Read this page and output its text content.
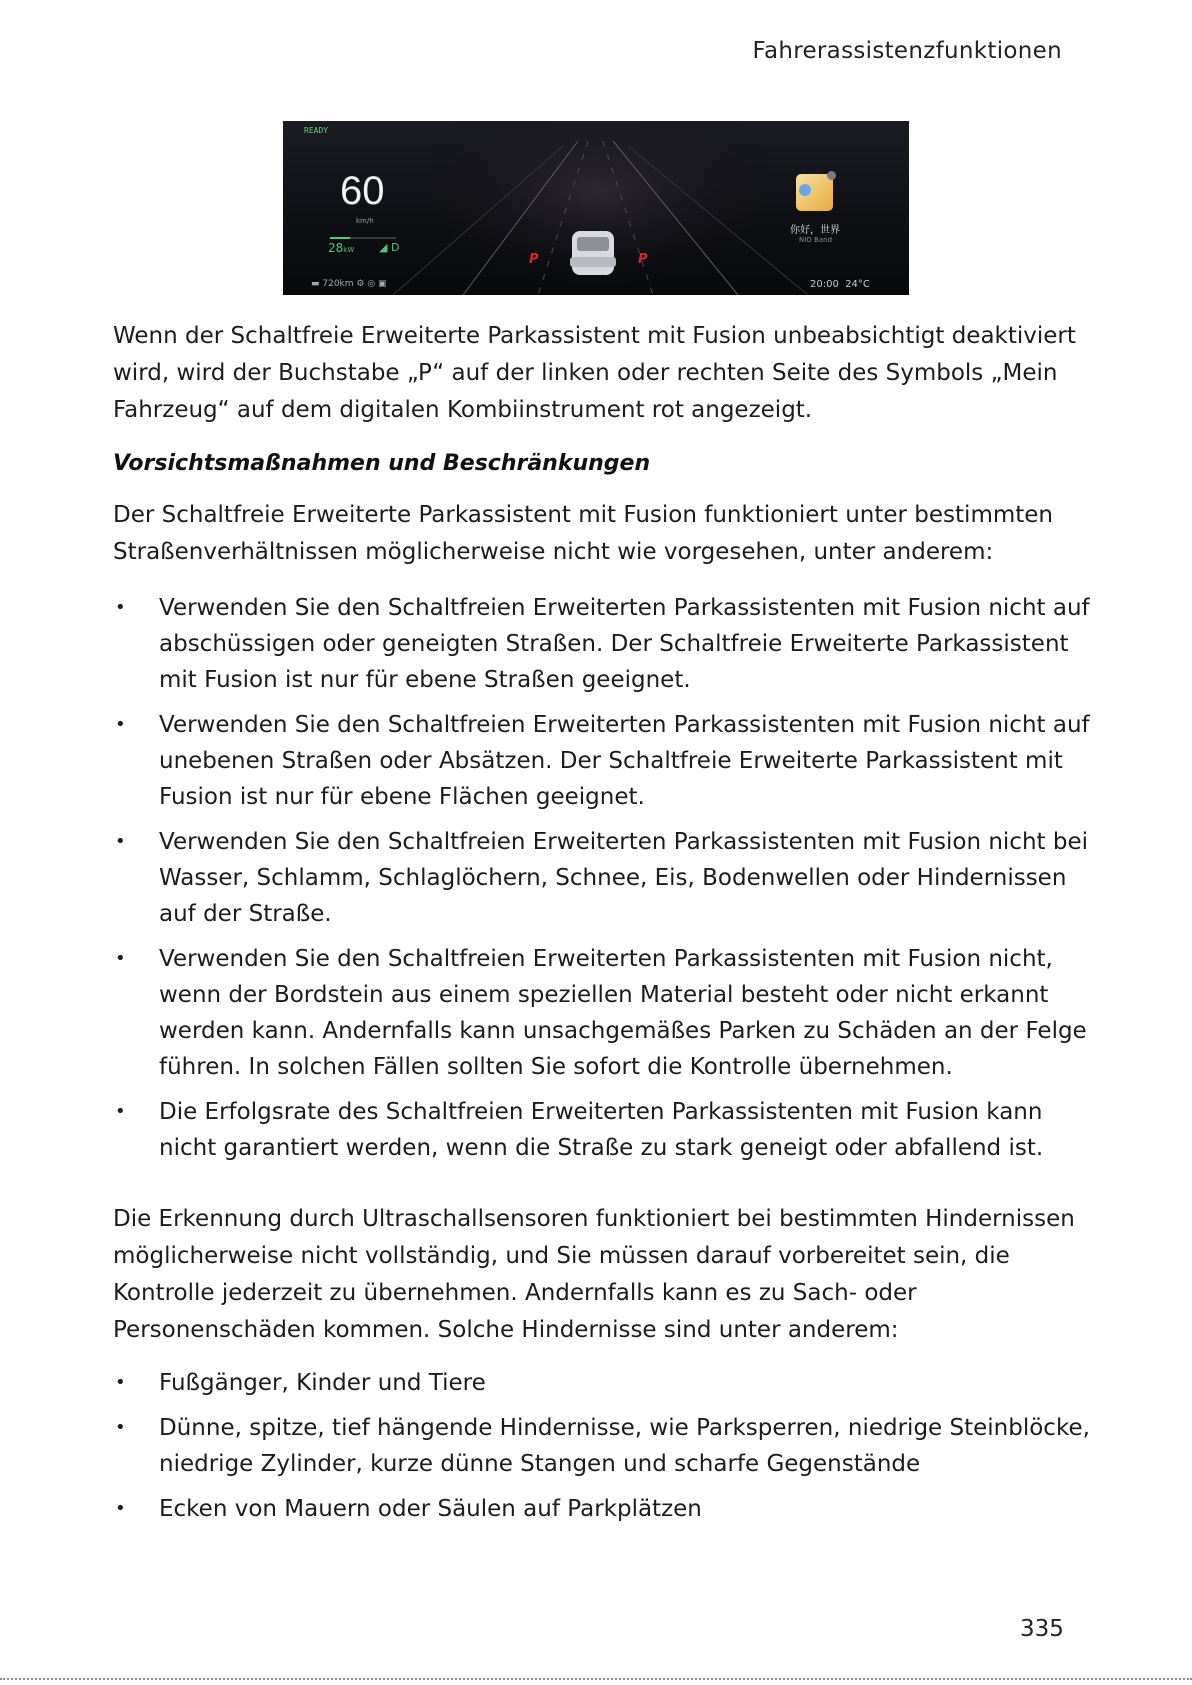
Fahrerassistenzfunktionen
READY
60
km/h
28kW ◢ D
▬ 720km ⚙ ◎ ▣
P	P
你好，世界
NIO Band
20:00 24°C

Wenn der Schaltfreie Erweiterte Parkassistent mit Fusion unbeabsichtigt deaktiviert wird, wird der Buchstabe „P“ auf der linken oder rechten Seite des Symbols „Mein Fahrzeug“ auf dem digitalen Kombiinstrument rot angezeigt.

Vorsichtsmaßnahmen und Beschränkungen

Der Schaltfreie Erweiterte Parkassistent mit Fusion funktioniert unter bestimmten Straßenverhältnissen möglicherweise nicht wie vorgesehen, unter anderem:

• Verwenden Sie den Schaltfreien Erweiterten Parkassistenten mit Fusion nicht auf abschüssigen oder geneigten Straßen. Der Schaltfreie Erweiterte Parkassistent mit Fusion ist nur für ebene Straßen geeignet.
• Verwenden Sie den Schaltfreien Erweiterten Parkassistenten mit Fusion nicht auf unebenen Straßen oder Absätzen. Der Schaltfreie Erweiterte Parkassistent mit Fusion ist nur für ebene Flächen geeignet.
• Verwenden Sie den Schaltfreien Erweiterten Parkassistenten mit Fusion nicht bei Wasser, Schlamm, Schlaglöchern, Schnee, Eis, Bodenwellen oder Hindernissen auf der Straße.
• Verwenden Sie den Schaltfreien Erweiterten Parkassistenten mit Fusion nicht, wenn der Bordstein aus einem speziellen Material besteht oder nicht erkannt werden kann. Andernfalls kann unsachgemäßes Parken zu Schäden an der Felge führen. In solchen Fällen sollten Sie sofort die Kontrolle übernehmen.
• Die Erfolgsrate des Schaltfreien Erweiterten Parkassistenten mit Fusion kann nicht garantiert werden, wenn die Straße zu stark geneigt oder abfallend ist.

Die Erkennung durch Ultraschallsensoren funktioniert bei bestimmten Hindernissen möglicherweise nicht vollständig, und Sie müssen darauf vorbereitet sein, die Kontrolle jederzeit zu übernehmen. Andernfalls kann es zu Sach- oder Personenschäden kommen. Solche Hindernisse sind unter anderem:

• Fußgänger, Kinder und Tiere
• Dünne, spitze, tief hängende Hindernisse, wie Parksperren, niedrige Steinblöcke, niedrige Zylinder, kurze dünne Stangen und scharfe Gegenstände
• Ecken von Mauern oder Säulen auf Parkplätzen
335
